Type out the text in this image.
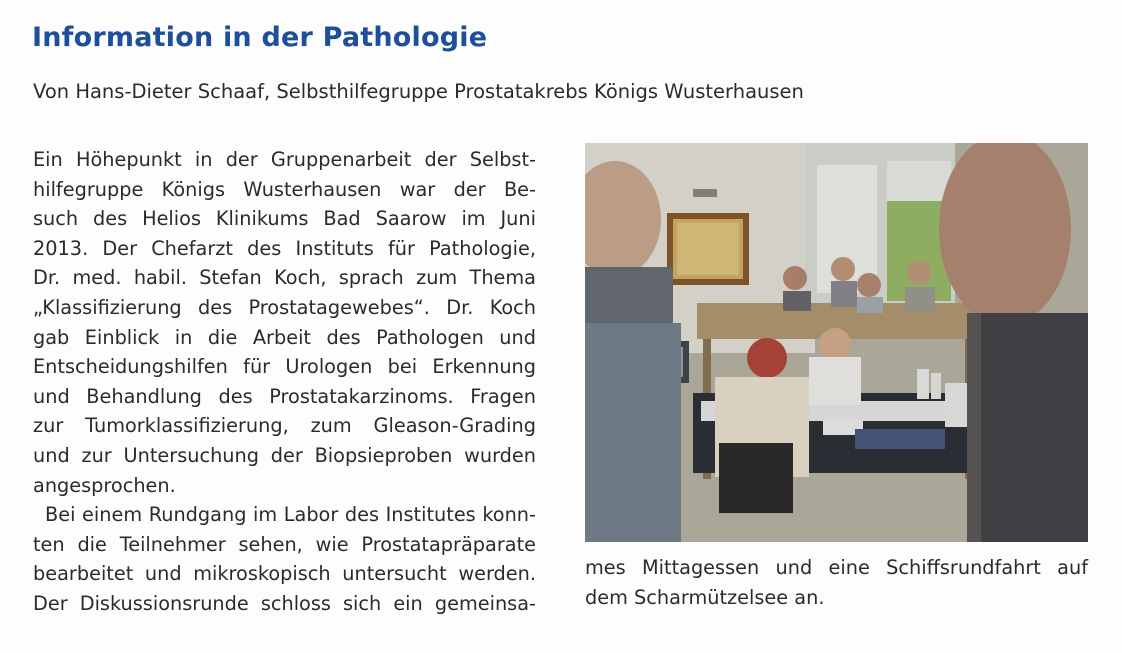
Information in der Pathologie
Von Hans-Dieter Schaaf, Selbsthilfegruppe Prostatakrebs Königs Wusterhausen
Ein Höhepunkt in der Gruppenarbeit der Selbst-
hilfegruppe Königs Wusterhausen war der Be-
such des Helios Klinikums Bad Saarow im Juni
2013. Der Chefarzt des Instituts für Pathologie,
Dr. med. habil. Stefan Koch, sprach zum Thema
„Klassifizierung des Prostatagewebes“. Dr. Koch
gab Einblick in die Arbeit des Pathologen und
Entscheidungshilfen für Urologen bei Erkennung
und Behandlung des Prostatakarzinoms. Fragen
zur Tumorklassifizierung, zum Gleason-Grading
und zur Untersuchung der Biopsieproben wurden
angesprochen.
Bei einem Rundgang im Labor des Institutes konn-
ten die Teilnehmer sehen, wie Prostatapräparate
bearbeitet und mikroskopisch untersucht werden.
Der Diskussionsrunde schloss sich ein gemeinsa-
mes Mittagessen und eine Schiffsrundfahrt auf
dem Scharmützelsee an.
